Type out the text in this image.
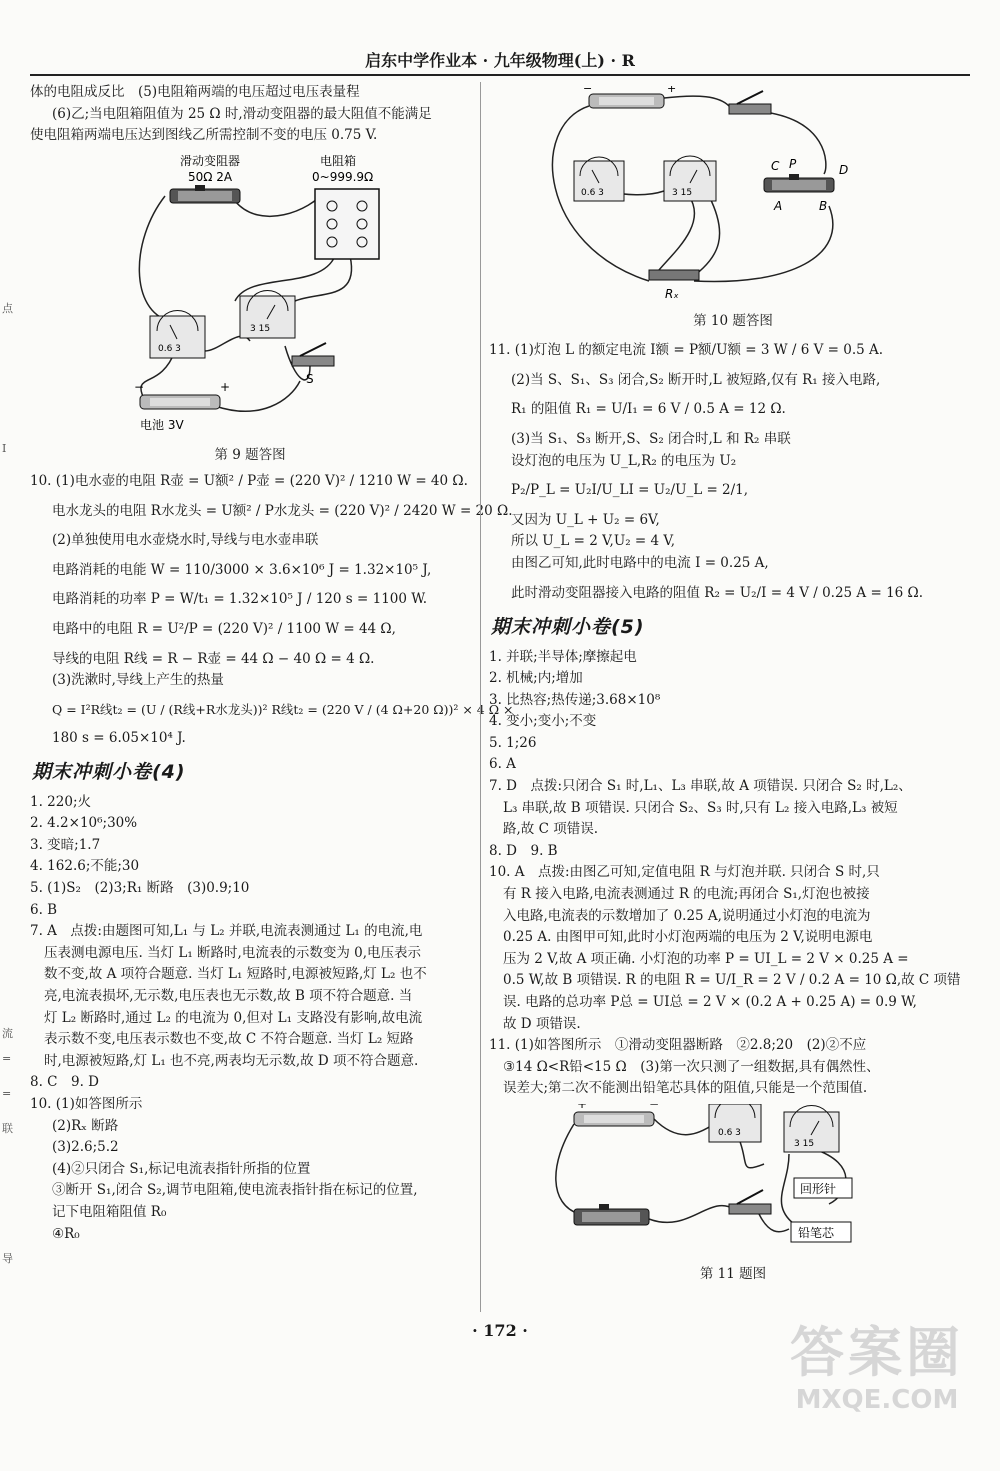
启东中学作业本 · 九年级物理(上) · R
点
I
=
=
联
导
流

体的电阻成反比　(5)电阻箱两端的电压超过电压表量程

(6)乙;当电阻箱阻值为 25 Ω 时,滑动变阻器的最大阻值不能满足

使电阻箱两端电压达到图线乙所需控制不变的电压 0.75 V.

滑动变阻器
50Ω 2A
电阻箱
0~999.9Ω
0.6 3
3 15
S
−	+
电池 3V
第 9 题答图

10. (1)电水壶的电阻 R壶 = U额² / P壶 = (220 V)² / 1210 W = 40 Ω.

电水龙头的电阻 R水龙头 = U额² / P水龙头 = (220 V)² / 2420 W = 20 Ω.

(2)单独使用电水壶烧水时,导线与电水壶串联

电路消耗的电能 W = 110/3000 × 3.6×10⁶ J = 1.32×10⁵ J,

电路消耗的功率 P = W/t₁ = 1.32×10⁵ J / 120 s = 1100 W.

电路中的电阻 R = U²/P = (220 V)² / 1100 W = 44 Ω,

导线的电阻 R线 = R − R壶 = 44 Ω − 40 Ω = 4 Ω.

(3)洗漱时,导线上产生的热量

Q = I²R线t₂ = (U / (R线+R水龙头))² R线t₂ = (220 V / (4 Ω+20 Ω))² × 4 Ω ×

180 s = 6.05×10⁴ J.

期末冲刺小卷(4)

1. 220;火

2. 4.2×10⁶;30%

3. 变暗;1.7

4. 162.6;不能;30

5. (1)S₂　(2)3;R₁ 断路　(3)0.9;10

6. B

7. A　点拨:由题图可知,L₁ 与 L₂ 并联,电流表测通过 L₁ 的电流,电

压表测电源电压. 当灯 L₁ 断路时,电流表的示数变为 0,电压表示

数不变,故 A 项符合题意. 当灯 L₁ 短路时,电源被短路,灯 L₂ 也不

亮,电流表损坏,无示数,电压表也无示数,故 B 项不符合题意. 当

灯 L₂ 断路时,通过 L₂ 的电流为 0,但对 L₁ 支路没有影响,故电流

表示数不变,电压表示数也不变,故 C 不符合题意. 当灯 L₂ 短路

时,电源被短路,灯 L₁ 也不亮,两表均无示数,故 D 项不符合题意.

8. C　9. D

10. (1)如答图所示

(2)Rₓ 断路

(3)2.6;5.2

(4)②只闭合 S₁,标记电流表指针所指的位置

③断开 S₁,闭合 S₂,调节电阻箱,使电流表指针指在标记的位置,

记下电阻箱阻值 R₀

④R₀

−	+
0.6 3	3 15
C P	D
A	B
Rₓ
第 10 题答图

11. (1)灯泡 L 的额定电流 I额 = P额/U额 = 3 W / 6 V = 0.5 A.

(2)当 S、S₁、S₃ 闭合,S₂ 断开时,L 被短路,仅有 R₁ 接入电路,

R₁ 的阻值 R₁ = U/I₁ = 6 V / 0.5 A = 12 Ω.

(3)当 S₁、S₃ 断开,S、S₂ 闭合时,L 和 R₂ 串联

设灯泡的电压为 U_L,R₂ 的电压为 U₂

P₂/P_L = U₂I/U_LI = U₂/U_L = 2/1,

又因为 U_L + U₂ = 6V,

所以 U_L = 2 V,U₂ = 4 V,

由图乙可知,此时电路中的电流 I = 0.25 A,

此时滑动变阻器接入电路的阻值 R₂ = U₂/I = 4 V / 0.25 A = 16 Ω.

期末冲刺小卷(5)

1. 并联;半导体;摩擦起电

2. 机械;内;增加

3. 比热容;热传递;3.68×10⁸

4. 变小;变小;不变

5. 1;26

6. A

7. D　点拨:只闭合 S₁ 时,L₁、L₃ 串联,故 A 项错误. 只闭合 S₂ 时,L₂、

L₃ 串联,故 B 项错误. 只闭合 S₂、S₃ 时,只有 L₂ 接入电路,L₃ 被短

路,故 C 项错误.

8. D　9. B

10. A　点拨:由图乙可知,定值电阻 R 与灯泡并联. 只闭合 S 时,只

有 R 接入电路,电流表测通过 R 的电流;再闭合 S₁,灯泡也被接

入电路,电流表的示数增加了 0.25 A,说明通过小灯泡的电流为

0.25 A. 由图甲可知,此时小灯泡两端的电压为 2 V,说明电源电

压为 2 V,故 A 项正确. 小灯泡的功率 P = UI_L = 2 V × 0.25 A =

0.5 W,故 B 项错误. R 的电阻 R = U/I_R = 2 V / 0.2 A = 10 Ω,故 C 项错

误. 电路的总功率 P总 = UI总 = 2 V × (0.2 A + 0.25 A) = 0.9 W,

故 D 项错误.

11. (1)如答图所示　①滑动变阻器断路　②2.8;20　(2)②不应

③14 Ω<R铅<15 Ω　(3)第一次只测了一组数据,具有偶然性、

误差大;第二次不能测出铅笔芯具体的阻值,只能是一个范围值.

+	−
0.6 3
3 15
回形针
铅笔芯
第 11 题图
· 172 ·	答案圈
MXQE.COM
